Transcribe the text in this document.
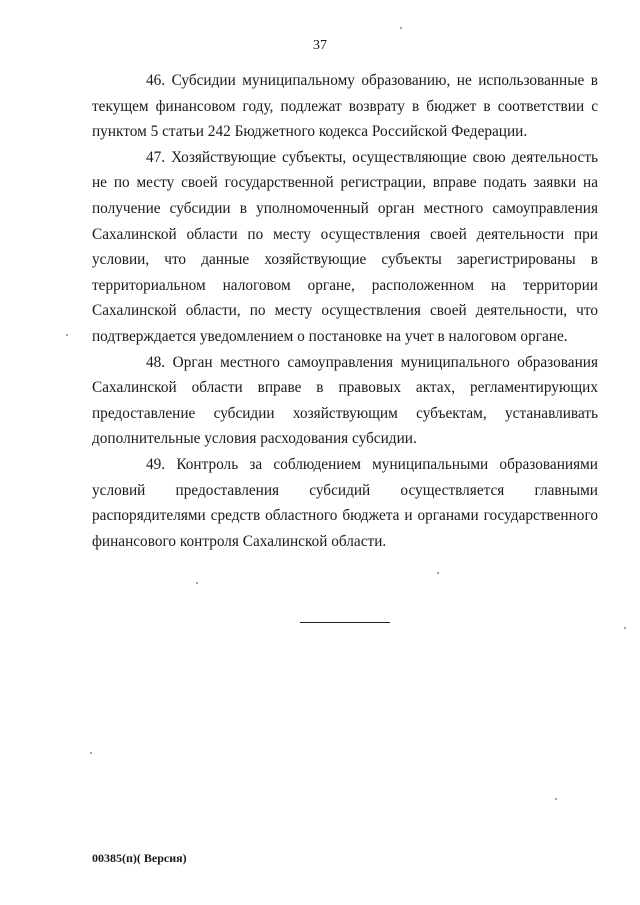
37

46. Субсидии муниципальному образованию, не использованные в текущем финансовом году, подлежат возврату в бюджет в соответствии с пунктом 5 статьи 242 Бюджетного кодекса Российской Федерации.

47. Хозяйствующие субъекты, осуществляющие свою деятельность не по месту своей государственной регистрации, вправе подать заявки на получение субсидии в уполномоченный орган местного самоуправления Сахалинской области по месту осуществления своей деятельности при условии, что данные хозяйствующие субъекты зарегистрированы в территориальном налоговом органе, расположенном на территории Сахалинской области, по месту осуществления своей деятельности, что подтверждается уведомлением о постановке на учет в налоговом органе.

48. Орган местного самоуправления муниципального образования Сахалинской области вправе в правовых актах, регламентирующих предоставление субсидии хозяйствующим субъектам, устанавливать дополнительные условия расходования субсидии.

49. Контроль за соблюдением муниципальными образованиями условий предоставления субсидий осуществляется главными распорядителями средств областного бюджета и органами государственного финансового контроля Сахалинской области.

00385(п)( Версия)
